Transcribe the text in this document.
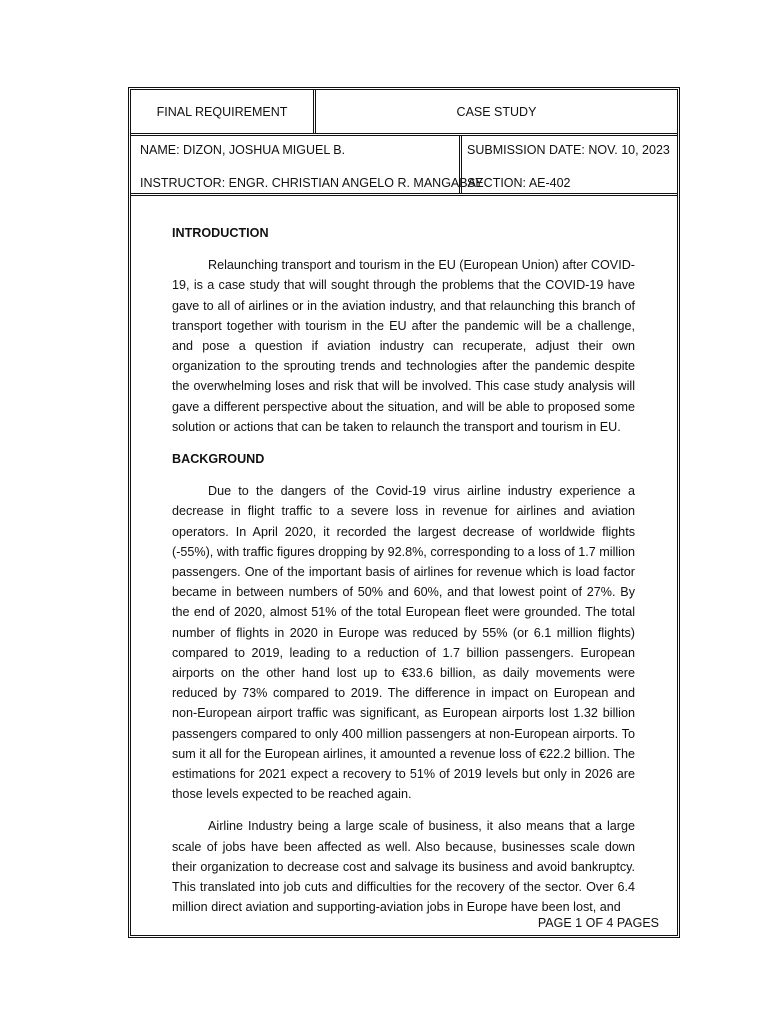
FINAL REQUIREMENT	CASE STUDY
NAME: DIZON, JOSHUA MIGUEL B.
INSTRUCTOR: ENGR. CHRISTIAN ANGELO R. MANGABAY
SUBMISSION DATE: NOV. 10, 2023
SECTION: AE-402
INTRODUCTION

Relaunching transport and tourism in the EU (European Union) after COVID-19, is a case study that will sought through the problems that the COVID-19 have gave to all of airlines or in the aviation industry, and that relaunching this branch of transport together with tourism in the EU after the pandemic will be a challenge, and pose a question if aviation industry can recuperate, adjust their own organization to the sprouting trends and technologies after the pandemic despite the overwhelming loses and risk that will be involved. This case study analysis will gave a different perspective about the situation, and will be able to proposed some solution or actions that can be taken to relaunch the transport and tourism in EU.

BACKGROUND

Due to the dangers of the Covid-19 virus airline industry experience a decrease in flight traffic to a severe loss in revenue for airlines and aviation operators. In April 2020, it recorded the largest decrease of worldwide flights (-55%), with traffic figures dropping by 92.8%, corresponding to a loss of 1.7 million passengers. One of the important basis of airlines for revenue which is load factor became in between numbers of 50% and 60%, and that lowest point of 27%. By the end of 2020, almost 51% of the total European fleet were grounded. The total number of flights in 2020 in Europe was reduced by 55% (or 6.1 million flights) compared to 2019, leading to a reduction of 1.7 billion passengers. European airports on the other hand lost up to €33.6 billion, as daily movements were reduced by 73% compared to 2019. The difference in impact on European and non-European airport traffic was significant, as European airports lost 1.32 billion passengers compared to only 400 million passengers at non-European airports. To sum it all for the European airlines, it amounted a revenue loss of €22.2 billion. The estimations for 2021 expect a recovery to 51% of 2019 levels but only in 2026 are those levels expected to be reached again.

Airline Industry being a large scale of business, it also means that a large scale of jobs have been affected as well. Also because, businesses scale down their organization to decrease cost and salvage its business and avoid bankruptcy. This translated into job cuts and difficulties for the recovery of the sector. Over 6.4 million direct aviation and supporting-aviation jobs in Europe have been lost, and

PAGE 1 OF 4 PAGES
